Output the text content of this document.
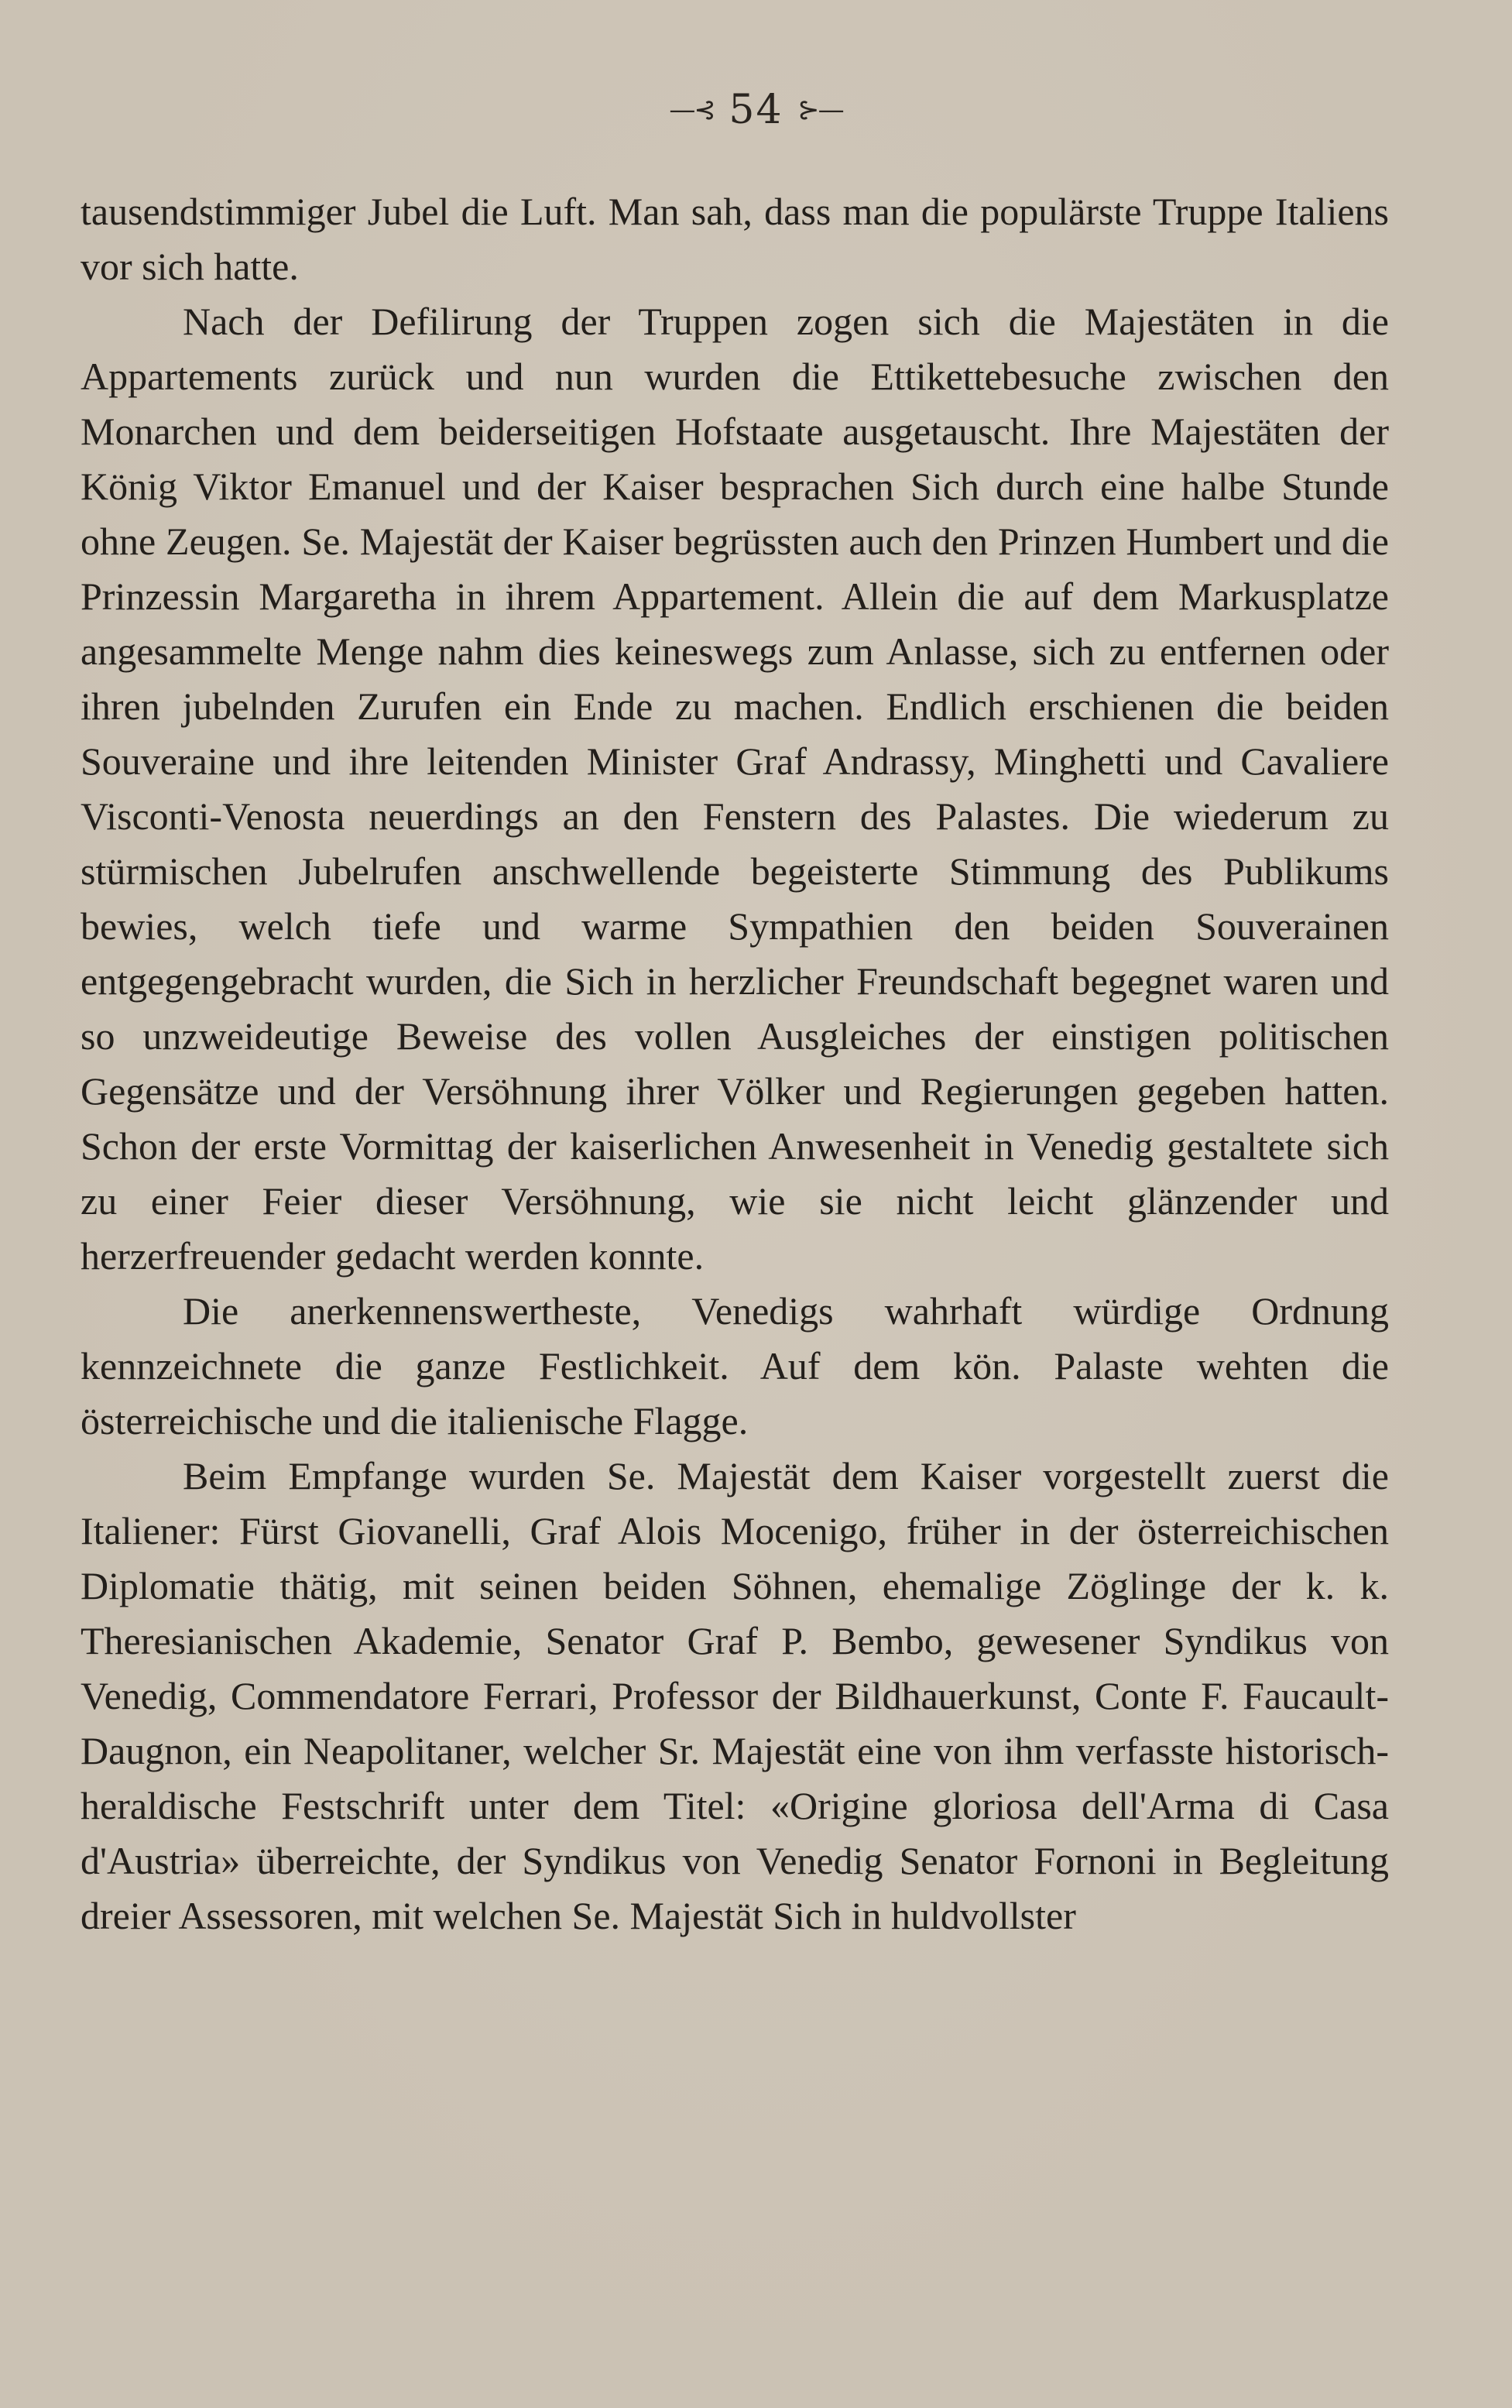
—⊰ 54 ⊱—

tausendstimmiger Jubel die Luft. Man sah, dass man die populärste Truppe Italiens vor sich hatte.

Nach der Defilirung der Truppen zogen sich die Majestäten in die Appartements zurück und nun wurden die Ettikettebesuche zwischen den Monarchen und dem beiderseitigen Hofstaate ausgetauscht. Ihre Majestäten der König Viktor Emanuel und der Kaiser besprachen Sich durch eine halbe Stunde ohne Zeugen. Se. Majestät der Kaiser begrüssten auch den Prinzen Humbert und die Prinzessin Margaretha in ihrem Appartement. Allein die auf dem Markusplatze angesammelte Menge nahm dies keineswegs zum Anlasse, sich zu entfernen oder ihren jubelnden Zurufen ein Ende zu machen. Endlich erschienen die beiden Souveraine und ihre leitenden Minister Graf Andrassy, Minghetti und Cavaliere Visconti-Venosta neuerdings an den Fenstern des Palastes. Die wiederum zu stürmischen Jubelrufen anschwellende begeisterte Stimmung des Publikums bewies, welch tiefe und warme Sympathien den beiden Souverainen entgegengebracht wurden, die Sich in herzlicher Freundschaft begegnet waren und so unzweideutige Beweise des vollen Ausgleiches der einstigen politischen Gegensätze und der Versöhnung ihrer Völker und Regierungen gegeben hatten. Schon der erste Vormittag der kaiserlichen Anwesenheit in Venedig gestaltete sich zu einer Feier dieser Versöhnung, wie sie nicht leicht glänzender und herzerfreuender gedacht werden konnte.

Die anerkennenswertheste, Venedigs wahrhaft würdige Ordnung kennzeichnete die ganze Festlichkeit. Auf dem kön. Palaste wehten die österreichische und die italienische Flagge.

Beim Empfange wurden Se. Majestät dem Kaiser vorgestellt zuerst die Italiener: Fürst Giovanelli, Graf Alois Mocenigo, früher in der österreichischen Diplomatie thätig, mit seinen beiden Söhnen, ehemalige Zöglinge der k. k. Theresianischen Akademie, Senator Graf P. Bembo, gewesener Syndikus von Venedig, Commendatore Ferrari, Professor der Bildhauerkunst, Conte F. Faucault-Daugnon, ein Neapolitaner, welcher Sr. Majestät eine von ihm verfasste historisch-heraldische Festschrift unter dem Titel: «Origine gloriosa dell'Arma di Casa d'Austria» überreichte, der Syndikus von Venedig Senator Fornoni in Begleitung dreier Assessoren, mit welchen Se. Majestät Sich in huldvollster
